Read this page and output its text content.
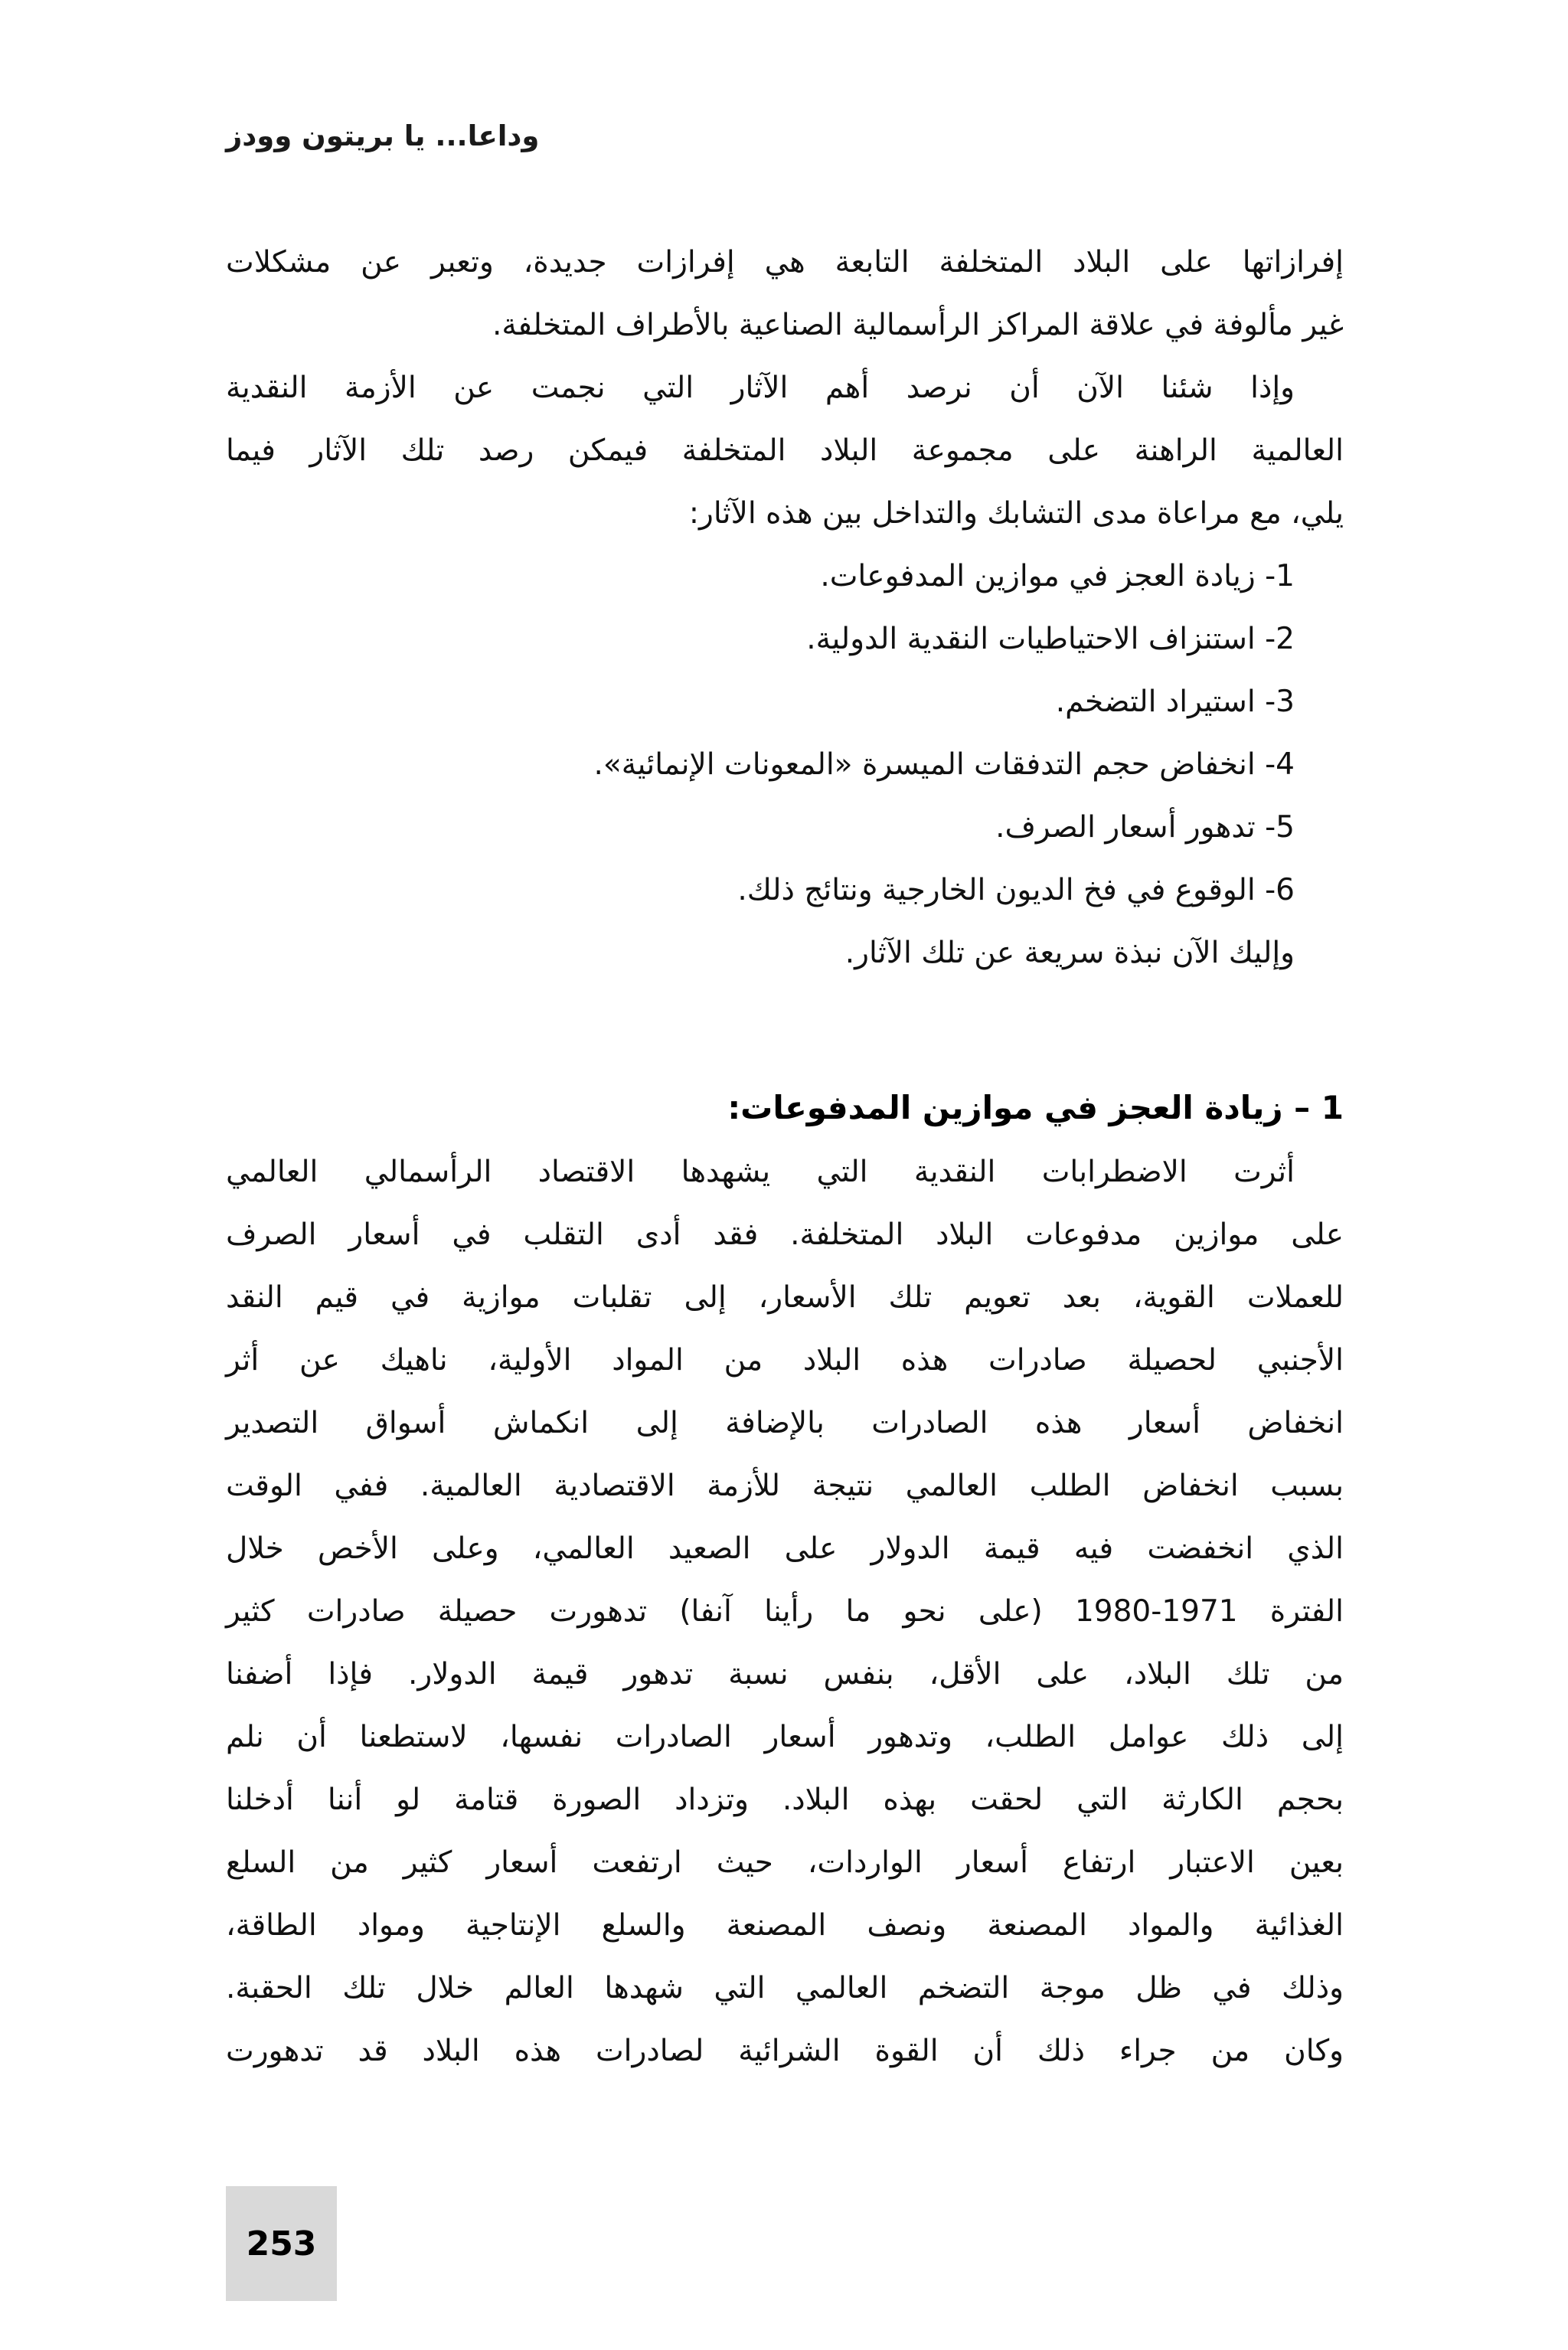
وداعا... يا بريتون وودز
إفرازاتها على البلاد المتخلفة التابعة هي إفرازات جديدة، وتعبر عن مشكلات
غير مألوفة في علاقة المراكز الرأسمالية الصناعية بالأطراف المتخلفة.
وإذا شئنا الآن أن نرصد أهم الآثار التي نجمت عن الأزمة النقدية
العالمية الراهنة على مجموعة البلاد المتخلفة فيمكن رصد تلك الآثار فيما
يلي، مع مراعاة مدى التشابك والتداخل بين هذه الآثار:
1- زيادة العجز في موازين المدفوعات.
2- استنزاف الاحتياطيات النقدية الدولية.
3- استيراد التضخم.
4- انخفاض حجم التدفقات الميسرة «المعونات الإنمائية».
5- تدهور أسعار الصرف.
6- الوقوع في فخ الديون الخارجية ونتائج ذلك.
وإليك الآن نبذة سريعة عن تلك الآثار.
1 – زيادة العجز في موازين المدفوعات:
أثرت الاضطرابات النقدية التي يشهدها الاقتصاد الرأسمالي العالمي
على موازين مدفوعات البلاد المتخلفة. فقد أدى التقلب في أسعار الصرف
للعملات القوية، بعد تعويم تلك الأسعار، إلى تقلبات موازية في قيم النقد
الأجنبي لحصيلة صادرات هذه البلاد من المواد الأولية، ناهيك عن أثر
انخفاض أسعار هذه الصادرات بالإضافة إلى انكماش أسواق التصدير
بسبب انخفاض الطلب العالمي نتيجة للأزمة الاقتصادية العالمية. ففي الوقت
الذي انخفضت فيه قيمة الدولار على الصعيد العالمي، وعلى الأخص خلال
الفترة 1971-1980 (على نحو ما رأينا آنفا) تدهورت حصيلة صادرات كثير
من تلك البلاد، على الأقل، بنفس نسبة تدهور قيمة الدولار. فإذا أضفنا
إلى ذلك عوامل الطلب، وتدهور أسعار الصادرات نفسها، لاستطعنا أن نلم
بحجم الكارثة التي لحقت بهذه البلاد. وتزداد الصورة قتامة لو أننا أدخلنا
بعين الاعتبار ارتفاع أسعار الواردات، حيث ارتفعت أسعار كثير من السلع
الغذائية والمواد المصنعة ونصف المصنعة والسلع الإنتاجية ومواد الطاقة،
وذلك في ظل موجة التضخم العالمي التي شهدها العالم خلال تلك الحقبة.
وكان من جراء ذلك أن القوة الشرائية لصادرات هذه البلاد قد تدهورت
253
